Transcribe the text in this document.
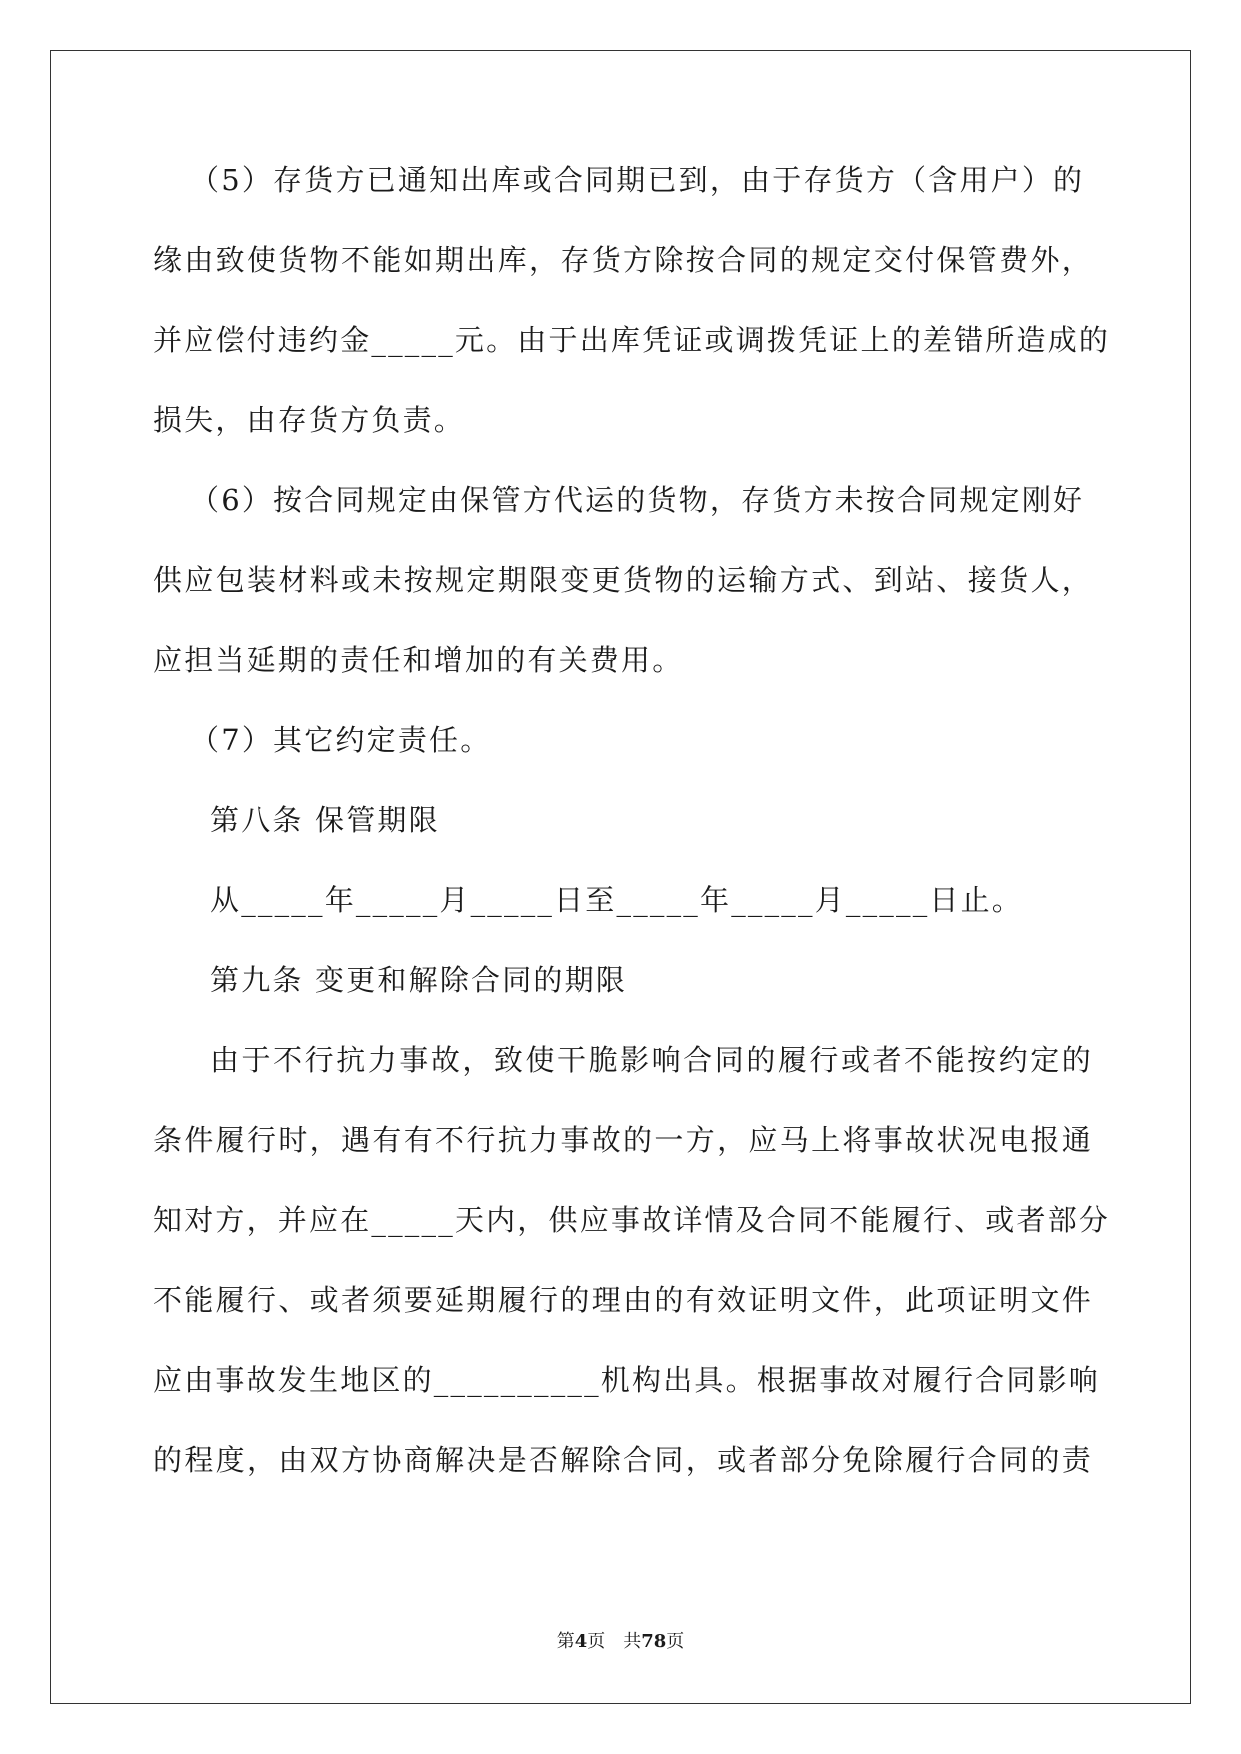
（5）存货方已通知出库或合同期已到，由于存货方（含用户）的
缘由致使货物不能如期出库，存货方除按合同的规定交付保管费外，
并应偿付违约金_____元。由于出库凭证或调拨凭证上的差错所造成的
损失，由存货方负责。
（6）按合同规定由保管方代运的货物，存货方未按合同规定刚好
供应包装材料或未按规定期限变更货物的运输方式、到站、接货人，
应担当延期的责任和增加的有关费用。
（7）其它约定责任。
第八条 保管期限
从_____年_____月_____日至_____年_____月_____日止。
第九条 变更和解除合同的期限
由于不行抗力事故，致使干脆影响合同的履行或者不能按约定的
条件履行时，遇有有不行抗力事故的一方，应马上将事故状况电报通
知对方，并应在_____天内，供应事故详情及合同不能履行、或者部分
不能履行、或者须要延期履行的理由的有效证明文件，此项证明文件
应由事故发生地区的__________机构出具。根据事故对履行合同影响
的程度，由双方协商解决是否解除合同，或者部分免除履行合同的责
第4页 共78页
